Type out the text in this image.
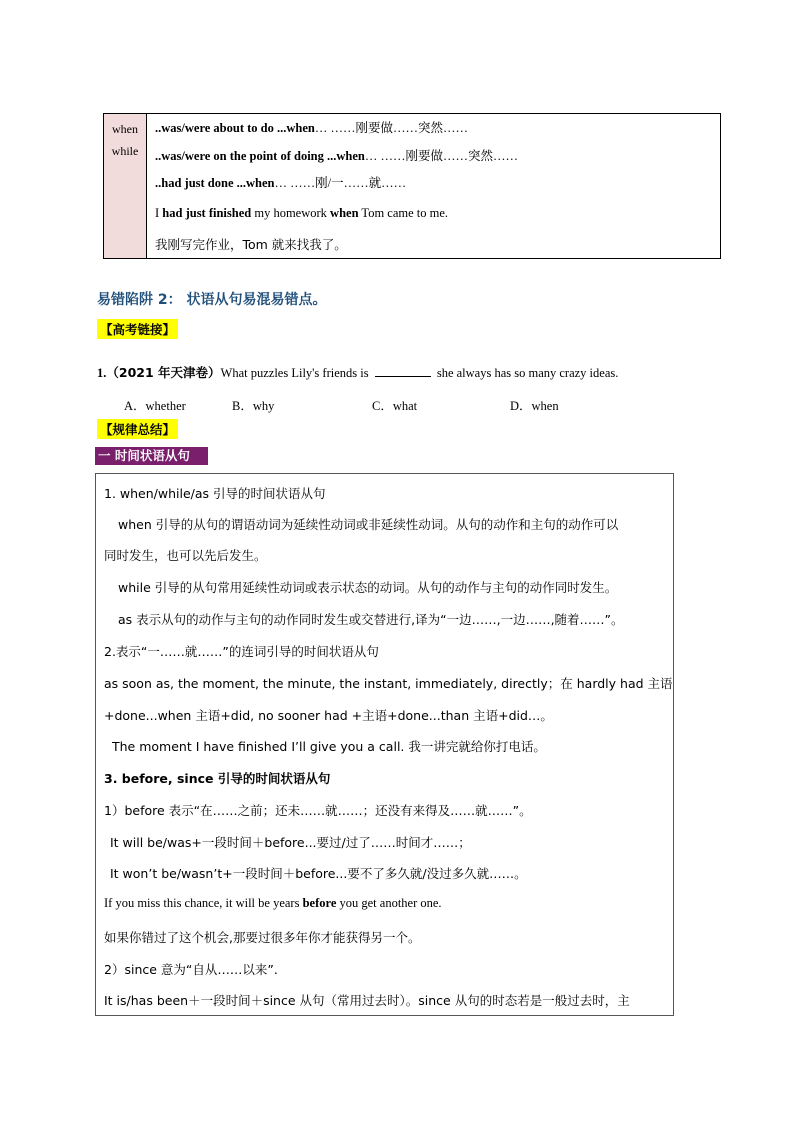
when
while
..was/were about to do ...when… ……刚要做……突然……
..was/were on the point of doing ...when… ……刚要做……突然……
..had just done ...when… ……刚/一……就……
I had just finished my homework when Tom came to me.
我刚写完作业，Tom 就来找我了。
易错陷阱 2： 状语从句易混易错点。
【高考链接】
1.（2021 年天津卷）What puzzles Lily's friends is	she always has so many crazy ideas.
A．whether	B．why	C．what	D．when
【规律总结】
一 时间状语从句
1. when/while/as 引导的时间状语从句
when 引导的从句的谓语动词为延续性动词或非延续性动词。从句的动作和主句的动作可以
同时发生，也可以先后发生。
while 引导的从句常用延续性动词或表示状态的动词。从句的动作与主句的动作同时发生。
as 表示从句的动作与主句的动作同时发生或交替进行,译为“一边……,一边……,随着……”。
2.表示“一……就……”的连词引导的时间状语从句
as soon as, the moment, the minute, the instant, immediately, directly；在 hardly had 主语
+done...when 主语+did, no sooner had +主语+done...than 主语+did…。
The moment I have finished I’ll give you a call. 我一讲完就给你打电话。
3. before, since 引导的时间状语从句
1）before 表示“在……之前；还未……就……；还没有来得及……就……”。
It will be/was+一段时间＋before...要过/过了……时间才……；
It won’t be/wasn’t+一段时间＋before...要不了多久就/没过多久就……。
If you miss this chance, it will be years before you get another one.
如果你错过了这个机会,那要过很多年你才能获得另一个。
2）since 意为“自从……以来”.
It is/has been＋一段时间＋since 从句（常用过去时）。since 从句的时态若是一般过去时，主
